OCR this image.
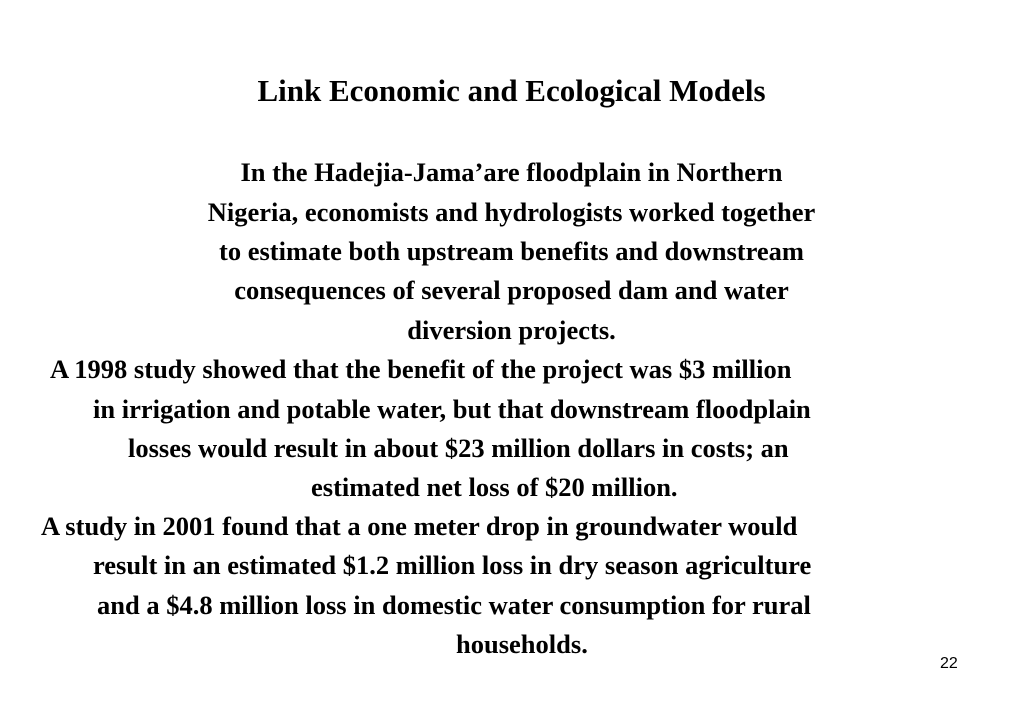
Link Economic and Ecological Models
In the Hadejia-Jama’are floodplain in Northern
Nigeria, economists and hydrologists worked together
to estimate both upstream benefits and downstream
consequences of several proposed dam and water
diversion projects.
A 1998 study showed that the benefit of the project was $3 million
in irrigation and potable water, but that downstream floodplain
losses would result in about $23 million dollars in costs; an
estimated net loss of $20 million.
A study in 2001 found that a one meter drop in groundwater would
result in an estimated $1.2 million loss in dry season agriculture
and a $4.8 million loss in domestic water consumption for rural
households.
22
